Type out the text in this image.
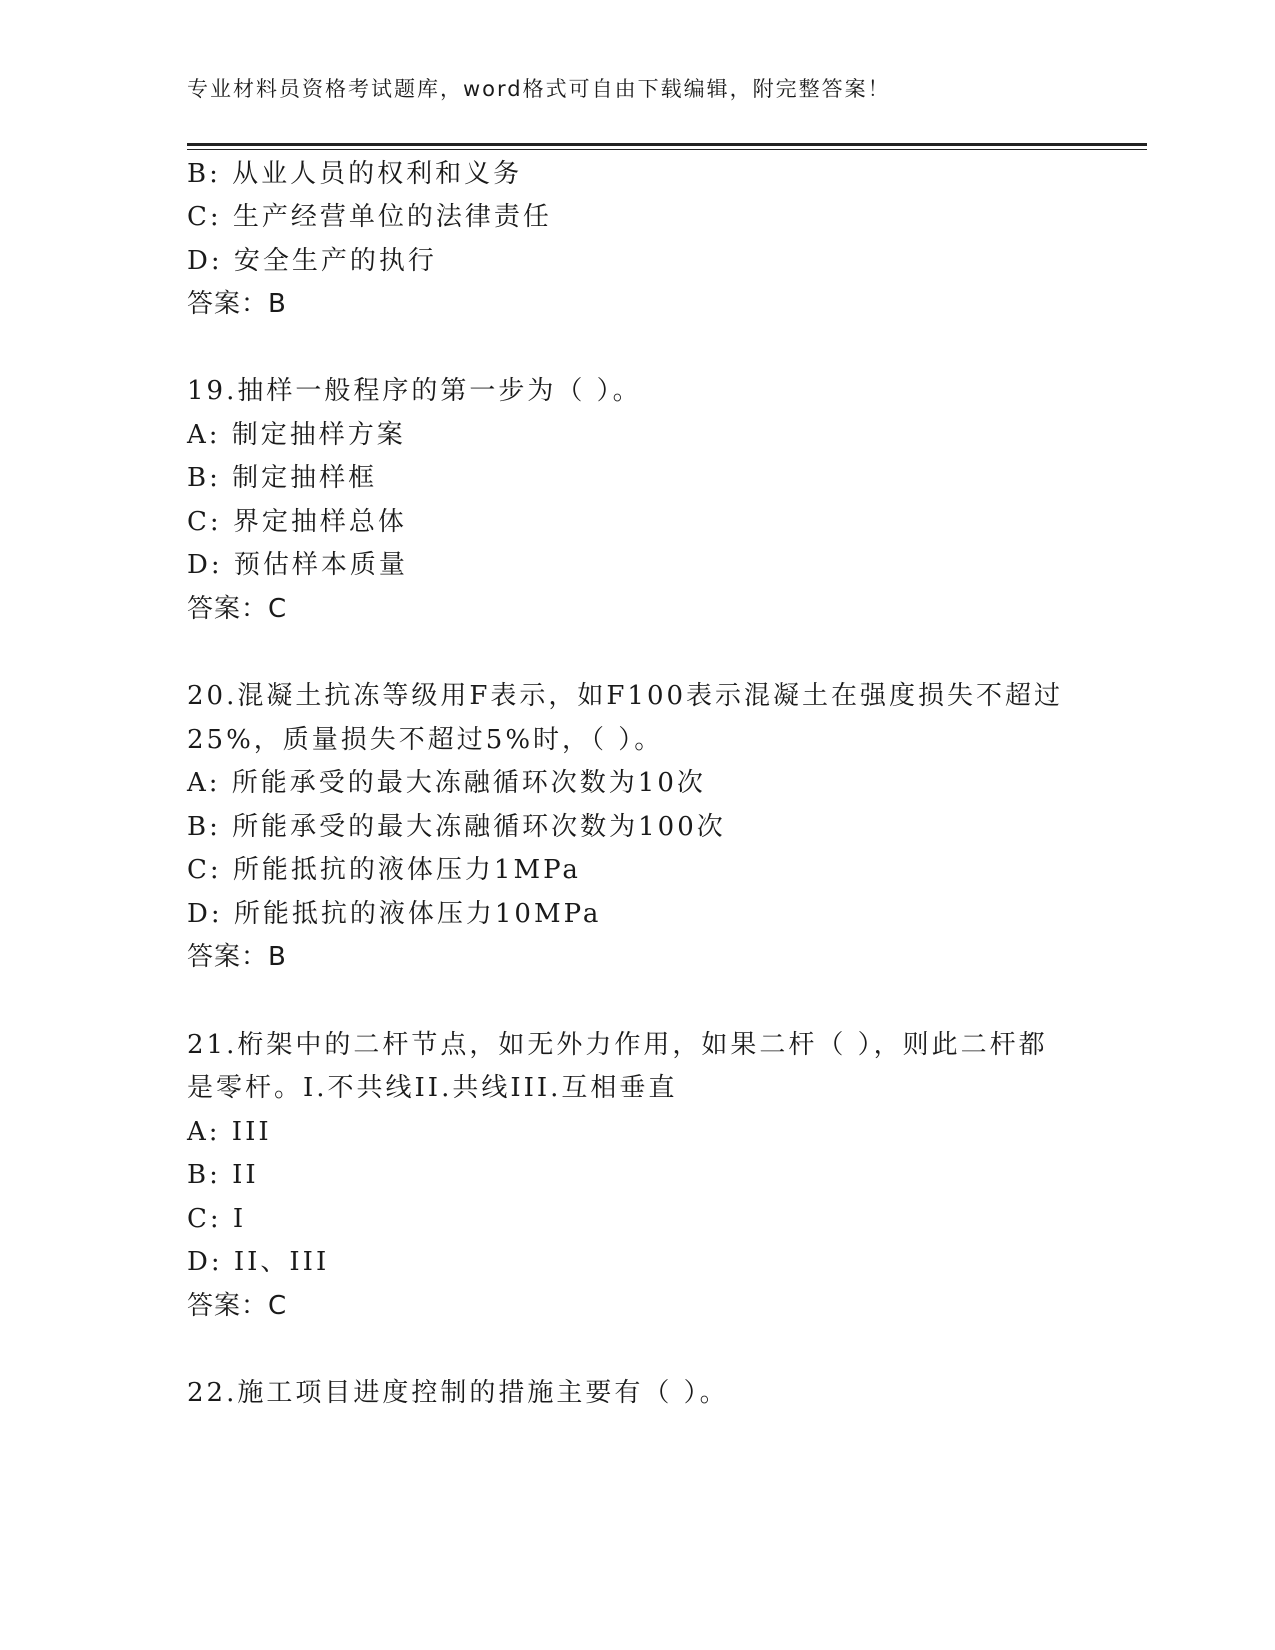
专业材料员资格考试题库，word格式可自由下载编辑，附完整答案！
B: 从业人员的权利和义务
C: 生产经营单位的法律责任
D: 安全生产的执行
答案：B
19.抽样一般程序的第一步为（ ）。
A: 制定抽样方案
B: 制定抽样框
C: 界定抽样总体
D: 预估样本质量
答案：C
20.混凝土抗冻等级用F表示，如F100表示混凝土在强度损失不超过
25%，质量损失不超过5%时，（ ）。
A: 所能承受的最大冻融循环次数为10次
B: 所能承受的最大冻融循环次数为100次
C: 所能抵抗的液体压力1MPa
D: 所能抵抗的液体压力10MPa
答案：B
21.桁架中的二杆节点，如无外力作用，如果二杆（ ），则此二杆都
是零杆。I.不共线II.共线III.互相垂直
A: III
B: II
C: I
D: II、III
答案：C
22.施工项目进度控制的措施主要有（ ）。
